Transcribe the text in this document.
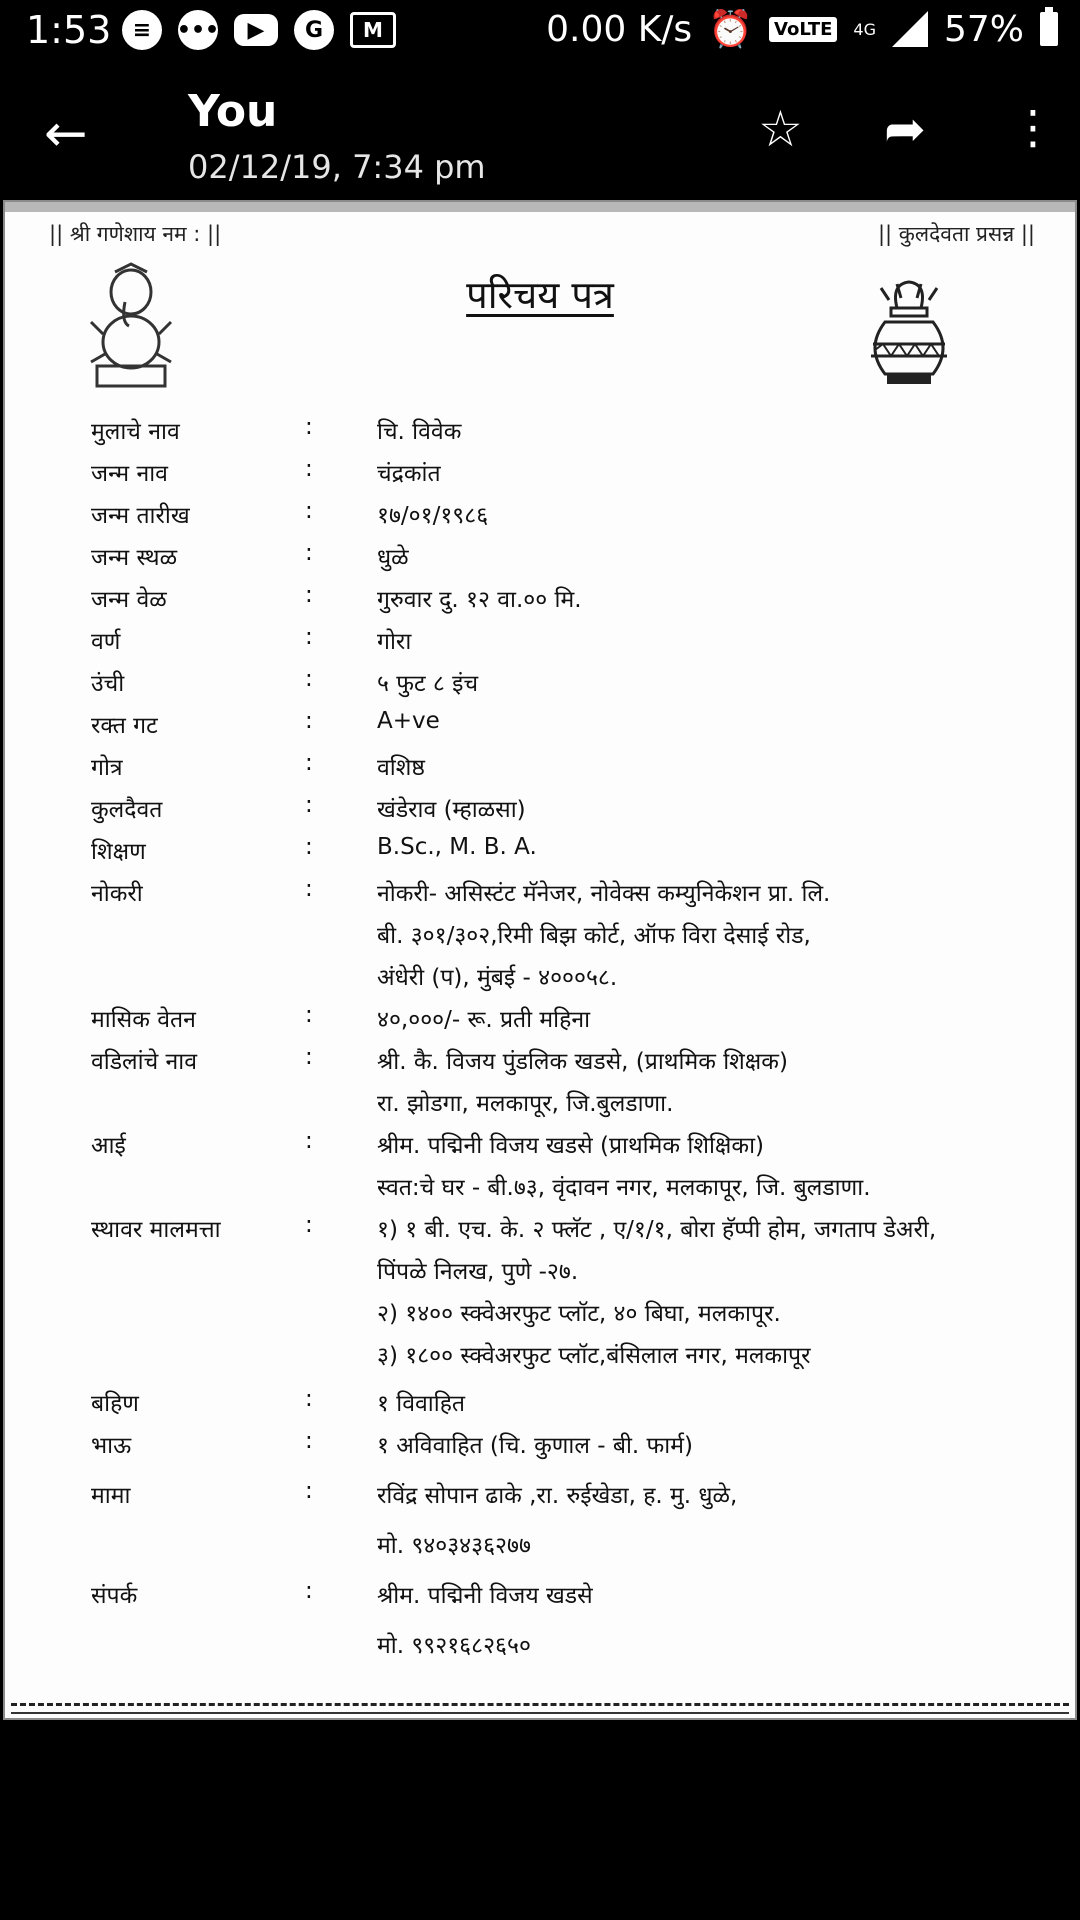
1:53 ≡	•••	▶	G	M	0.00 K/s ⏰ VoLTE	4G 57%
← You
02/12/19, 7:34 pm
☆ ➦ ⋮
|| श्री गणेशाय नम : ||	|| कुलदेवता प्रसन्न ||
परिचय पत्र
मुलाचे नाव	:	चि. विवेक
जन्म नाव	:	चंद्रकांत
जन्म तारीख	:	१७/०१/१९८६
जन्म स्थळ	:	धुळे
जन्म वेळ	:	गुरुवार दु. १२ वा.०० मि.
वर्ण	:	गोरा
उंची	:	५ फुट ८ इंच
रक्त गट	:	A+ve
गोत्र	:	वशिष्ठ
कुलदैवत	:	खंडेराव (म्हाळसा)
शिक्षण	:	B.Sc., M. B. A.
नोकरी	:	नोकरी- असिस्टंट मॅनेजर, नोवेक्स कम्युनिकेशन प्रा. लि.
बी. ३०१/३०२,रिमी बिझ कोर्ट, ऑफ विरा देसाई रोड,
अंधेरी (प), मुंबई - ४०००५८.
मासिक वेतन	:	४०,०००/- रू. प्रती महिना
वडिलांचे नाव	:	श्री. कै. विजय पुंडलिक खडसे, (प्राथमिक शिक्षक)
रा. झोडगा, मलकापूर, जि.बुलडाणा.
आई	:	श्रीम. पद्मिनी विजय खडसे (प्राथमिक शिक्षिका)
स्वत:चे घर - बी.७३, वृंदावन नगर, मलकापूर, जि. बुलडाणा.
स्थावर मालमत्ता	:	१) १ बी. एच. के. २ फ्लॅट , ए/१/१, बोरा हॅप्पी होम, जगताप डेअरी,
पिंपळे निलख, पुणे -२७.
२) १४०० स्क्वेअरफुट प्लॉट, ४० बिघा, मलकापूर.
३) १८०० स्क्वेअरफुट प्लॉट,बंसिलाल नगर, मलकापूर
बहिण	:	१ विवाहित
भाऊ	:	१ अविवाहित (चि. कुणाल - बी. फार्म)
मामा	:	रविंद्र सोपान ढाके ,रा. रुईखेडा, ह. मु. धुळे,
मो. ९४०३४३६२७७
संपर्क	:	श्रीम. पद्मिनी विजय खडसे
मो. ९९२१६८२६५०
